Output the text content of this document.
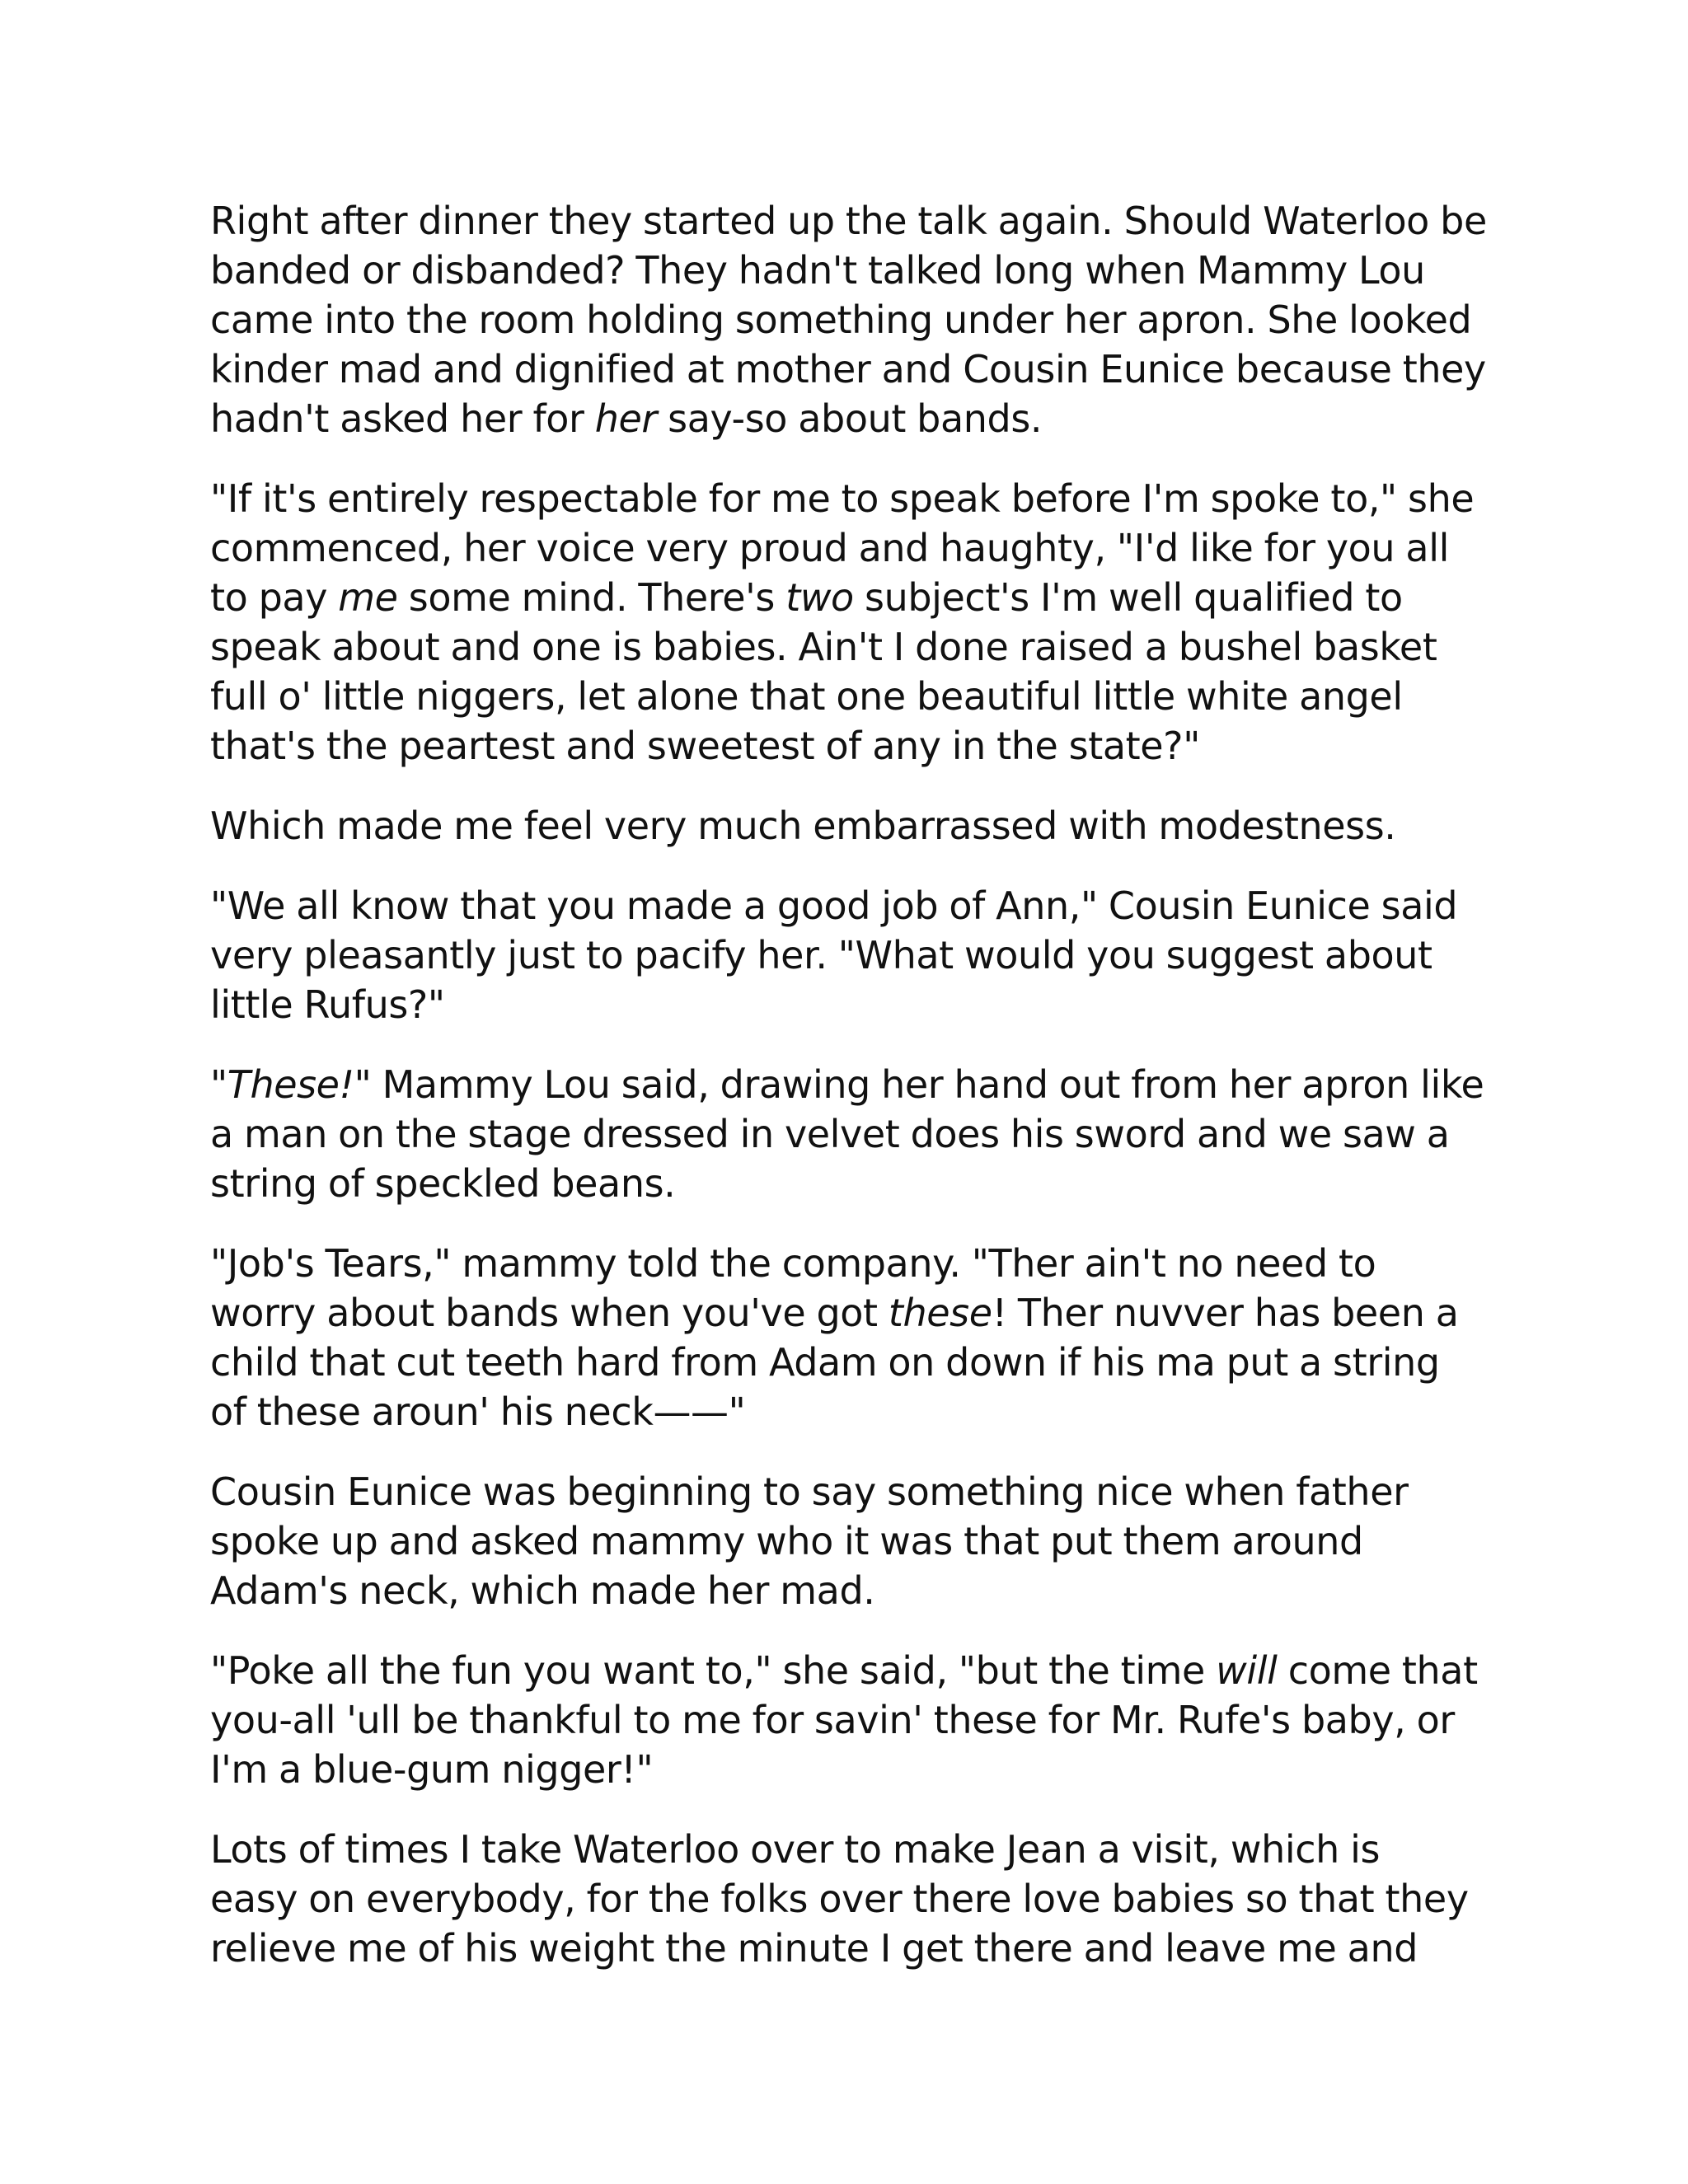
Right after dinner they started up the talk again. Should Waterloo be
banded or disbanded? They hadn't talked long when Mammy Lou
came into the room holding something under her apron. She looked
kinder mad and dignified at mother and Cousin Eunice because they
hadn't asked her for her say-so about bands.

"If it's entirely respectable for me to speak before I'm spoke to," she
commenced, her voice very proud and haughty, "I'd like for you all
to pay me some mind. There's two subject's I'm well qualified to
speak about and one is babies. Ain't I done raised a bushel basket
full o' little niggers, let alone that one beautiful little white angel
that's the peartest and sweetest of any in the state?"

Which made me feel very much embarrassed with modestness.

"We all know that you made a good job of Ann," Cousin Eunice said
very pleasantly just to pacify her. "What would you suggest about
little Rufus?"

"These!" Mammy Lou said, drawing her hand out from her apron like
a man on the stage dressed in velvet does his sword and we saw a
string of speckled beans.

"Job's Tears," mammy told the company. "Ther ain't no need to
worry about bands when you've got these! Ther nuvver has been a
child that cut teeth hard from Adam on down if his ma put a string
of these aroun' his neck——"

Cousin Eunice was beginning to say something nice when father
spoke up and asked mammy who it was that put them around
Adam's neck, which made her mad.

"Poke all the fun you want to," she said, "but the time will come that
you-all 'ull be thankful to me for savin' these for Mr. Rufe's baby, or
I'm a blue-gum nigger!"

Lots of times I take Waterloo over to make Jean a visit, which is
easy on everybody, for the folks over there love babies so that they
relieve me of his weight the minute I get there and leave me and
